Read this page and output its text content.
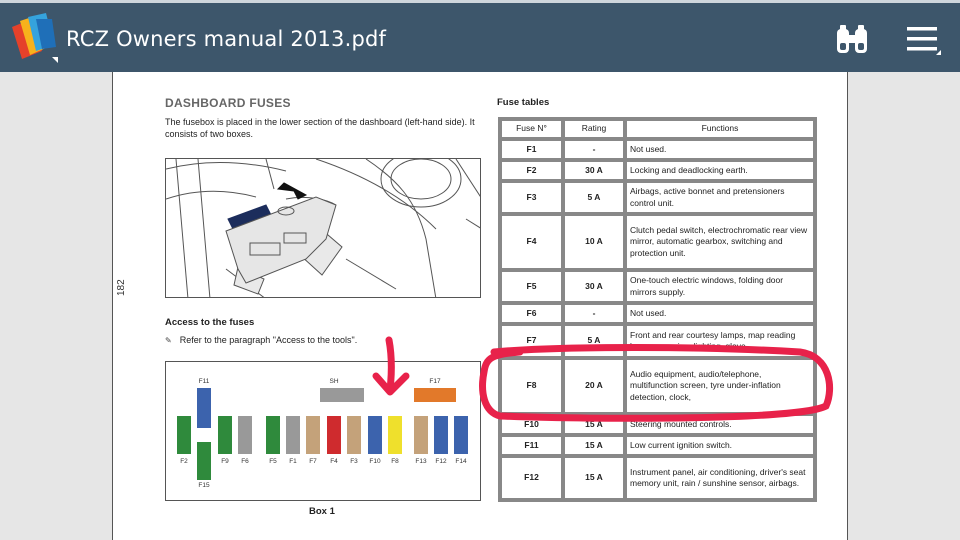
RCZ Owners manual 2013.pdf
182
DASHBOARD FUSES
The fusebox is placed in the lower section of the dashboard (left-hand side). It consists of two boxes.
Access to the fuses
✎ Refer to the paragraph "Access to the tools".
F11	SH	F17
F2
F15
F9	F6	F5	F1	F7	F4	F3	F10	F8	F13	F12	F14
Box 1
Fuse tables
Fuse N°	Rating	Functions
F1	-	Not used.
F2	30 A	Locking and deadlocking earth.
F3	5 A	Airbags, active bonnet and pretensioners control unit.
F4	10 A	Clutch pedal switch, electrochromatic rear view mirror, automatic gearbox, switching and protection unit.
F5	30 A	One-touch electric windows, folding door mirrors supply.
F6	-	Not used.
F7	5 A	Front and rear courtesy lamps, map reading lamps, sun visor lighting, glove
F8	20 A	Audio equipment, audio/telephone, multifunction screen, tyre under-inflation detection, clock,
F10	15 A	Steering mounted controls.
F11	15 A	Low current ignition switch.
F12	15 A	Instrument panel, air conditioning, driver's seat memory unit, rain / sunshine sensor, airbags.
